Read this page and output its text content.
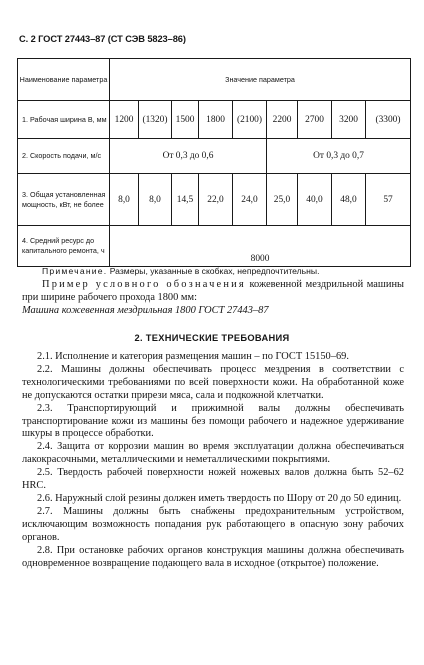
С. 2 ГОСТ 27443–87 (СТ СЭВ 5823–86)
Наименование параметра	Значение параметра								
1. Рабочая ширина В, мм	1200	(1320)	1500	1800	(2100)	2200	2700	3200	(3300)
2. Скорость подачи, м/с	От 0,3 до 0,6					От 0,3 до 0,7			
3. Общая установленная мощность, кВт, не более	8,0	8,0	14,5	22,0	24,0	25,0	40,0	48,0	57
4. Средний ресурс до капитального ремонта, ч	8000								
Примечание. Размеры, указанные в скобках, непредпочтительны.
Пример условного обозначения кожевенной мездрильной машины при ширине рабочего прохода 1800 мм:
Машина кожевенная мездрильная 1800 ГОСТ 27443–87
2. ТЕХНИЧЕСКИЕ ТРЕБОВАНИЯ

2.1. Исполнение и категория размещения машин – по ГОСТ 15150–69.

2.2. Машины должны обеспечивать процесс мездрения в соответствии с технологическими требованиями по всей поверхности кожи. На обработанной коже не допускаются остатки прирези мяса, сала и подкожной клетчатки.

2.3. Транспортирующий и прижимной валы должны обеспечивать транспортирование кожи из машины без помощи рабочего и надежное удерживание шкуры в процессе обработки.

2.4. Защита от коррозии машин во время эксплуатации должна обеспечиваться лакокрасочными, металлическими и неметаллическими покрытиями.

2.5. Твердость рабочей поверхности ножей ножевых валов должна быть 52–62 HRC.

2.6. Наружный слой резины должен иметь твердость по Шору от 20 до 50 единиц.

2.7. Машины должны быть снабжены предохранительным устройством, исключающим возможность попадания рук работающего в опасную зону рабочих органов.

2.8. При остановке рабочих органов конструкция машины должна обеспечивать одновременное возвращение подающего вала в исходное (открытое) положение.
